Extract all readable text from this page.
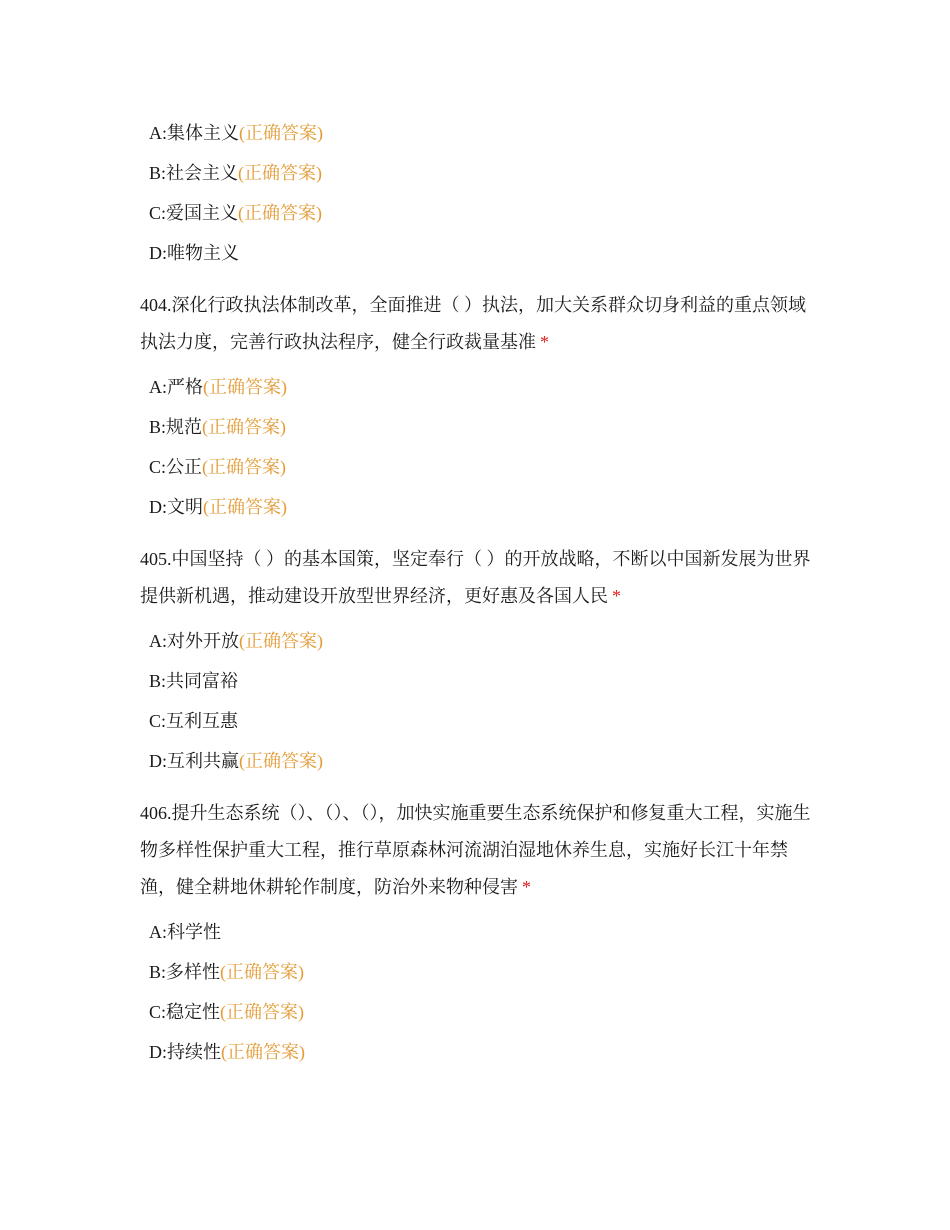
A:集体主义(正确答案)
B:社会主义(正确答案)
C:爱国主义(正确答案)
D:唯物主义
404.深化行政执法体制改革，全面推进（ ）执法，加大关系群众切身利益的重点领域执法力度，完善行政执法程序，健全行政裁量基准 *
A:严格(正确答案)
B:规范(正确答案)
C:公正(正确答案)
D:文明(正确答案)
405.中国坚持（ ）的基本国策，坚定奉行（ ）的开放战略，不断以中国新发展为世界提供新机遇，推动建设开放型世界经济，更好惠及各国人民 *
A:对外开放(正确答案)
B:共同富裕
C:互利互惠
D:互利共赢(正确答案)
406.提升生态系统（）、（）、（），加快实施重要生态系统保护和修复重大工程，实施生物多样性保护重大工程，推行草原森林河流湖泊湿地休养生息，实施好长江十年禁渔，健全耕地休耕轮作制度，防治外来物种侵害 *
A:科学性
B:多样性(正确答案)
C:稳定性(正确答案)
D:持续性(正确答案)
